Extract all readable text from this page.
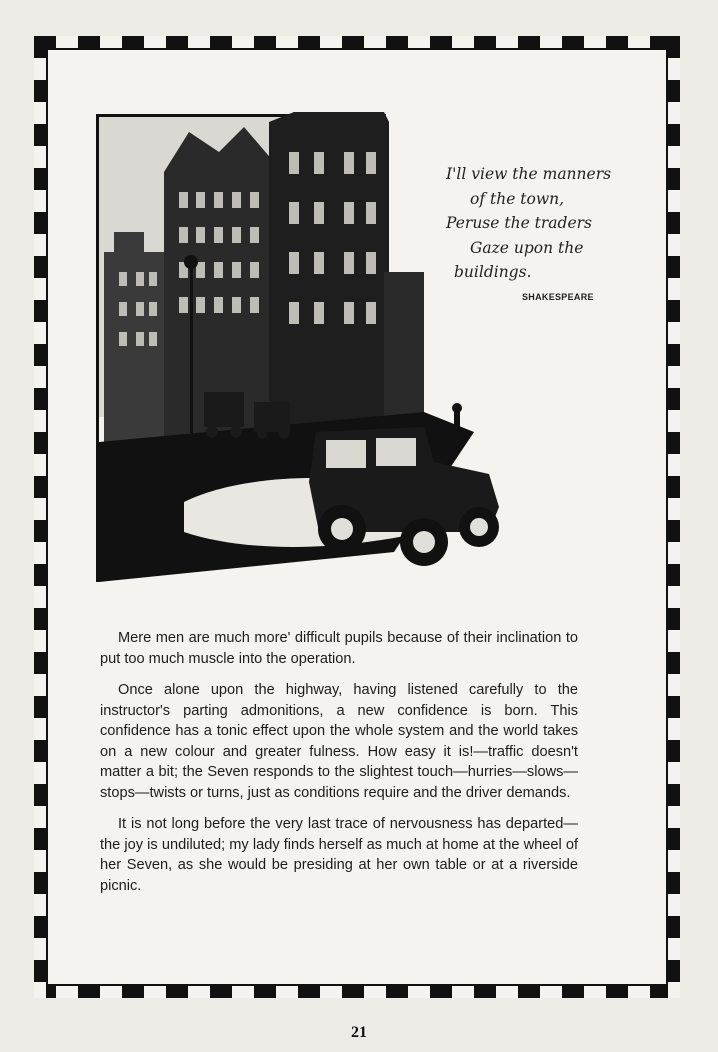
I'll view the manners
of the town,
Peruse the traders
Gaze upon the
buildings.
SHAKESPEARE

Mere men are much more' difficult pupils because of their inclination to put too much muscle into the operation.

Once alone upon the highway, having listened carefully to the instructor's parting admonitions, a new confidence is born. This confidence has a tonic effect upon the whole system and the world takes on a new colour and greater fulness. How easy it is!—traffic doesn't matter a bit; the Seven responds to the slightest touch—hurries—slows—stops—twists or turns, just as conditions require and the driver demands.

It is not long before the very last trace of nervousness has departed—the joy is undiluted; my lady finds herself as much at home at the wheel of her Seven, as she would be presiding at her own table or at a riverside picnic.

21
